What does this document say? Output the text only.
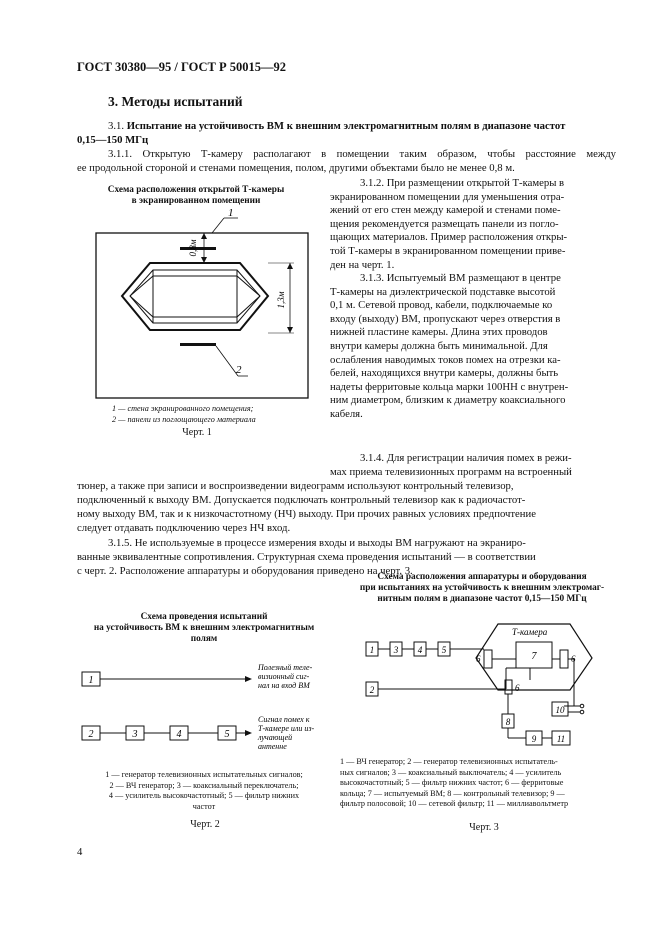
ГОСТ 30380—95 / ГОСТ Р 50015—92
3. Методы испытаний
3.1. Испытание на устойчивость ВМ к внешним электромагнитным полям в диапазоне частот
0,15—150 МГц
3.1.1. Открытую Т-камеру располагают в помещении таким образом, чтобы расстояние между
ее продольной стороной и стенами помещения, полом, другими объектами было не менее 0,8 м.
Схема расположения открытой Т-камеры
в экранированном помещении
0,8м
1,3м
1
2
1 — стена экранированного помещения;
2 — панели из поглощающего материала
Черт. 1
3.1.2. При размещении открытой Т-камеры в
экранированном помещении для уменьшения отра-
жений от его стен между камерой и стенами поме-
щения рекомендуется размещать панели из погло-
щающих материалов. Пример расположения откры-
той Т-камеры в экранированном помещении приве-
ден на черт. 1.
3.1.3. Испытуемый ВМ размещают в центре
Т-камеры на диэлектрической подставке высотой
0,1 м. Сетевой провод, кабели, подключаемые ко
входу (выходу) ВМ, пропускают через отверстия в
нижней пластине камеры. Длина этих проводов
внутри камеры должна быть минимальной. Для
ослабления наводимых токов помех на отрезки ка-
белей, находящихся внутри камеры, должны быть
надеты ферритовые кольца марки 100НН с внутрен-
ним диаметром, близким к диаметру коаксиального
кабеля.
3.1.4. Для регистрации наличия помех в режи-
мах приема телевизионных программ на встроенный
тюнер, а также при записи и воспроизведении видеограмм используют контрольный телевизор,
подключенный к выходу ВМ. Допускается подключать контрольный телевизор как к радиочастот-
ному выходу ВМ, так и к низкочастотному (НЧ) выходу. При прочих равных условиях предпочтение
следует отдавать подключению через НЧ вход.
3.1.5. Не используемые в процессе измерения входы и выходы ВМ нагружают на экраниро-
ванные эквивалентные сопротивления. Структурная схема проведения испытаний — в соответствии
с черт. 2. Расположение аппаратуры и оборудования приведено на черт. 3.
Схема проведения испытаний
на устойчивость ВМ к внешним электромагнитным
полям
1
Полезный теле-
визионный сиг-
нал на вход ВМ
2	3	4	5
Сигнал помех к
Т-камере или из-
лучающей
антенне
1 — генератор телевизионных испытательных сигналов;
2 — ВЧ генератор; 3 — коаксиальный переключатель;
4 — усилитель высокочастотный; 5 — фильтр нижних
частот
Черт. 2
Схема расположения аппаратуры и оборудования
при испытаниях на устойчивость к внешним электромаг-
нитным полям в диапазоне частот 0,15—150 МГц
Т-камера
1 3 4 5
6	6
7
2	6
8
9 11
10
1 — ВЧ генератор; 2 — генератор телевизионных испытатель-
ных сигналов; 3 — коаксиальный выключатель; 4 — усилитель
высокочастотный; 5 — фильтр нижних частот; 6 — ферритовые
кольца; 7 — испытуемый ВМ; 8 — контрольный телевизор; 9 —
фильтр полосовой; 10 — сетевой фильтр; 11 — миллиавольтметр
Черт. 3
4
